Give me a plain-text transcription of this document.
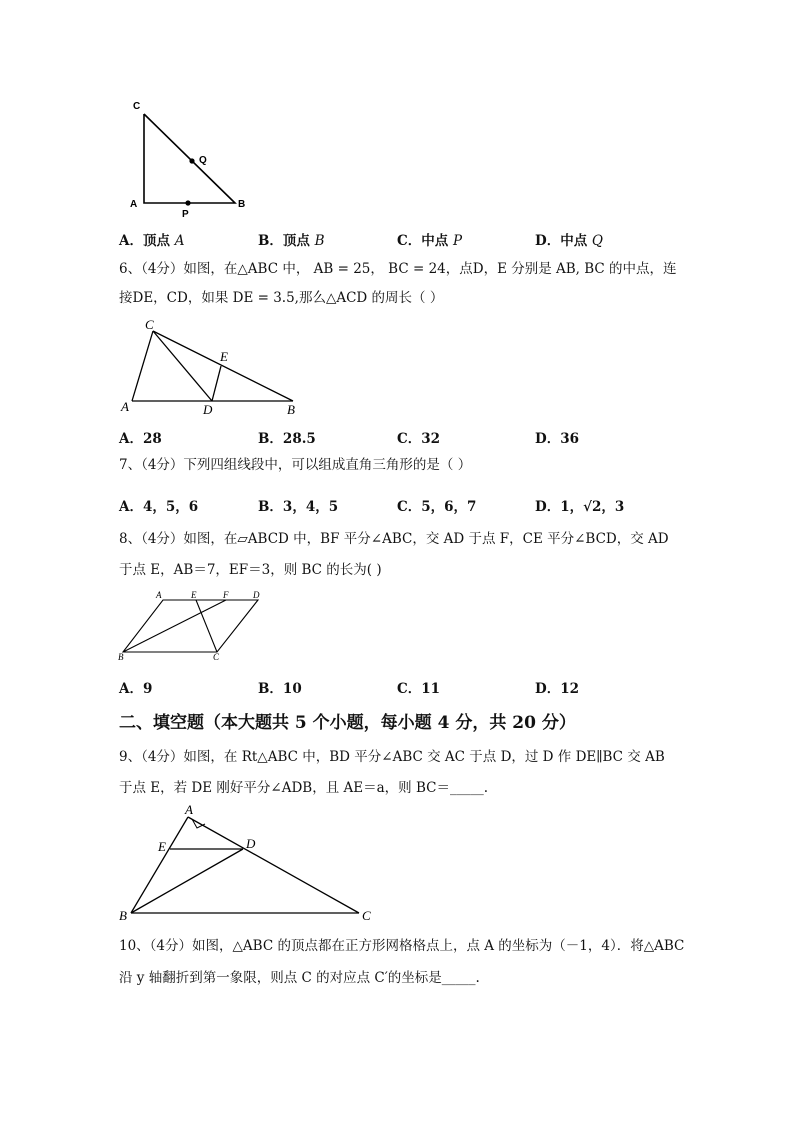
C
Q
A
P
B
A．顶点 A	B．顶点 B	C．中点 P	D．中点 Q
6、（4分）如图，在△ABC 中， AB = 25， BC = 24，点D，E 分别是 AB, BC 的中点，连
接DE，CD，如果 DE = 3.5,那么△ACD 的周长（ ）
C
E
A	D	B
A．28	B．28.5	C．32	D．36
7、（4分）下列四组线段中，可以组成直角三角形的是（ ）
A．4，5，6	B．3，4，5	C．5，6，7	D．1，√2，3
8、（4分）如图，在▱ABCD 中，BF 平分∠ABC，交 AD 于点 F，CE 平分∠BCD，交 AD
于点 E，AB＝7，EF＝3，则 BC 的长为( )
A	E	F	D
B	C
A．9	B．10	C．11	D．12
二、填空题（本大题共 5 个小题，每小题 4 分，共 20 分）
9、（4分）如图，在 Rt△ABC 中，BD 平分∠ABC 交 AC 于点 D，过 D 作 DE∥BC 交 AB
于点 E，若 DE 刚好平分∠ADB，且 AE＝a，则 BC＝_____.
A
E	D
B	C
10、（4分）如图，△ABC 的顶点都在正方形网格格点上，点 A 的坐标为（－1，4）．将△ABC
沿 y 轴翻折到第一象限，则点 C 的对应点 C′的坐标是_____.
